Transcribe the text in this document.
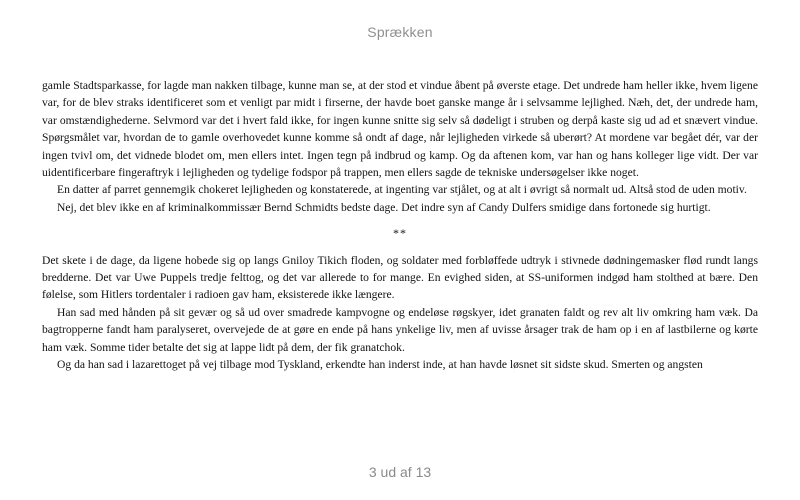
Sprækken

gamle Stadtsparkasse, for lagde man nakken tilbage, kunne man se, at der stod et vindue åbent på øverste etage. Det undrede ham heller ikke, hvem ligene var, for de blev straks identificeret som et venligt par midt i firserne, der havde boet ganske mange år i selvsamme lejlighed. Næh, det, der undrede ham, var omstændighederne. Selvmord var det i hvert fald ikke, for ingen kunne snitte sig selv så dødeligt i struben og derpå kaste sig ud ad et snævert vindue. Spørgsmålet var, hvordan de to gamle overhovedet kunne komme så ondt af dage, når lejligheden virkede så uberørt? At mordene var begået dér, var der ingen tvivl om, det vidnede blodet om, men ellers intet. Ingen tegn på indbrud og kamp. Og da aftenen kom, var han og hans kolleger lige vidt. Der var uidentificerbare fingeraftryk i lejligheden og tydelige fodspor på trappen, men ellers sagde de tekniske undersøgelser ikke noget.

En datter af parret gennemgik chokeret lejligheden og konstaterede, at ingenting var stjålet, og at alt i øvrigt så normalt ud. Altså stod de uden motiv.

Nej, det blev ikke en af kriminalkommissær Bernd Schmidts bedste dage. Det indre syn af Candy Dulfers smidige dans fortonede sig hurtigt.

**

Det skete i de dage, da ligene hobede sig op langs Gniloy Tikich floden, og soldater med forbløffede udtryk i stivnede dødningemasker flød rundt langs bredderne. Det var Uwe Puppels tredje felttog, og det var allerede to for mange. En evighed siden, at SS-uniformen indgød ham stolthed at bære. Den følelse, som Hitlers tordentaler i radioen gav ham, eksisterede ikke længere.

Han sad med hånden på sit gevær og så ud over smadrede kampvogne og endeløse røgskyer, idet granaten faldt og rev alt liv omkring ham væk. Da bagtropperne fandt ham paralyseret, overvejede de at gøre en ende på hans ynkelige liv, men af uvisse årsager trak de ham op i en af lastbilerne og kørte ham væk. Somme tider betalte det sig at lappe lidt på dem, der fik granatchok.

Og da han sad i lazarettoget på vej tilbage mod Tyskland, erkendte han inderst inde, at han havde løsnet sit sidste skud. Smerten og angsten

3 ud af 13
